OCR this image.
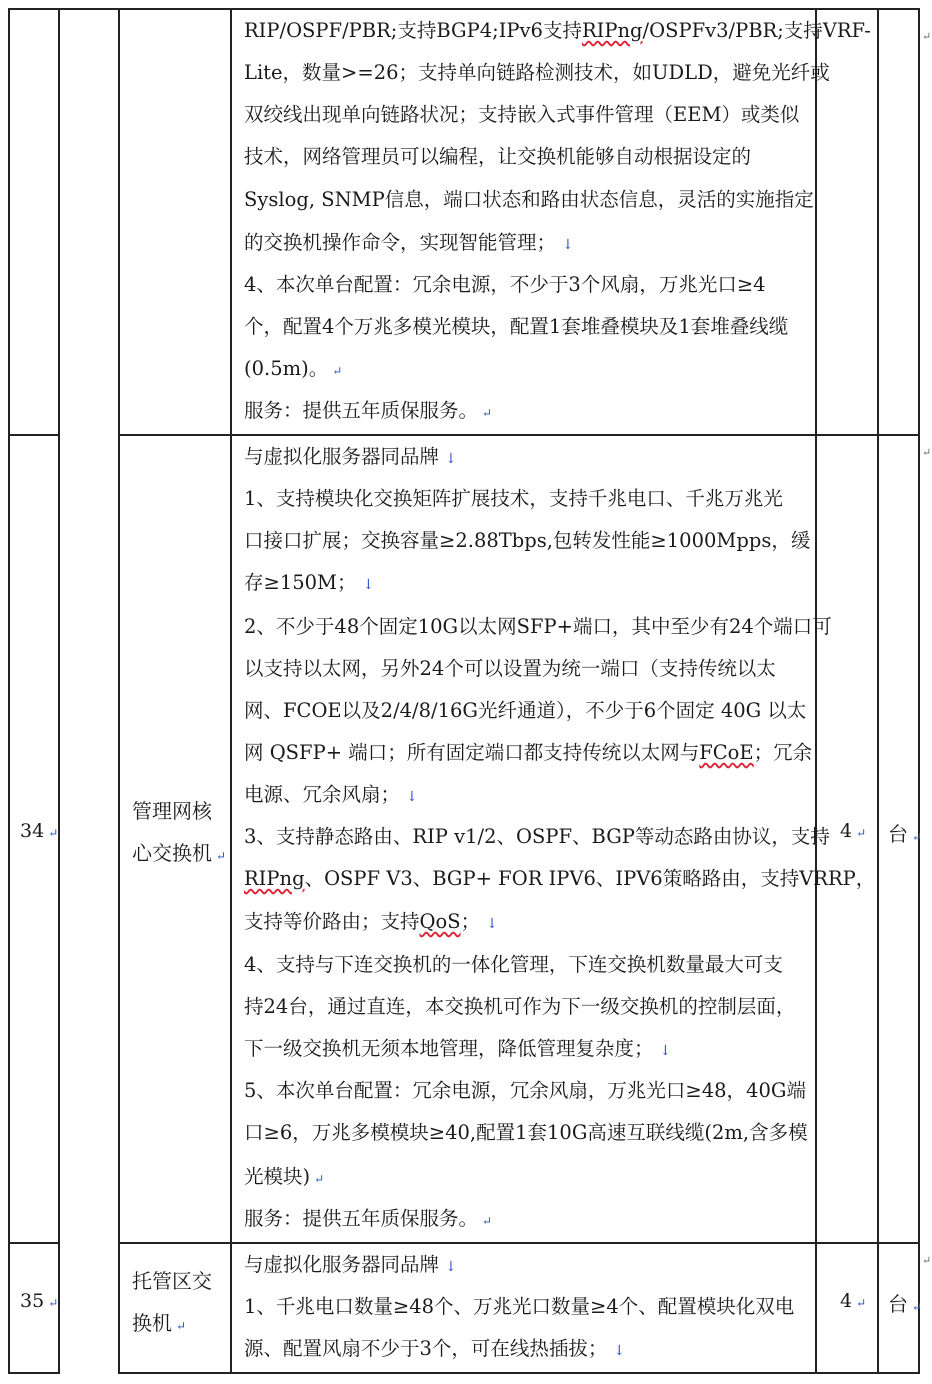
RIP/OSPF/PBR;支持BGP4;IPv6支持RIPng/OSPFv3/PBR;支持VRF-
Lite，数量>=26；支持单向链路检测技术，如UDLD，避免光纤或
双绞线出现单向链路状况；支持嵌入式事件管理（EEM）或类似
技术，网络管理员可以编程，让交换机能够自动根据设定的
Syslog, SNMP信息，端口状态和路由状态信息，灵活的实施指定
的交换机操作命令，实现智能管理； ↓
4、本次单台配置：冗余电源，不少于3个风扇，万兆光口≥4
个，配置4个万兆多模光模块，配置1套堆叠模块及1套堆叠线缆
(0.5m)。 ↵
服务：提供五年质保服务。 ↵
34 ↵
管理网核
心交换机 ↵
4 ↵ 台 ↵
与虚拟化服务器同品牌 ↓
1、支持模块化交换矩阵扩展技术，支持千兆电口、千兆万兆光
口接口扩展；交换容量≥2.88Tbps,包转发性能≥1000Mpps，缓
存≥150M； ↓
2、不少于48个固定10G以太网SFP+端口，其中至少有24个端口可
以支持以太网，另外24个可以设置为统一端口（支持传统以太
网、FCOE以及2/4/8/16G光纤通道），不少于6个固定 40G 以太
网 QSFP+ 端口；所有固定端口都支持传统以太网与FCoE；冗余
电源、冗余风扇； ↓
3、支持静态路由、RIP v1/2、OSPF、BGP等动态路由协议，支持
RIPng、OSPF V3、BGP+ FOR IPV6、IPV6策略路由，支持VRRP，
支持等价路由；支持QoS； ↓
4、支持与下连交换机的一体化管理，下连交换机数量最大可支
持24台，通过直连，本交换机可作为下一级交换机的控制层面，
下一级交换机无须本地管理，降低管理复杂度； ↓
5、本次单台配置：冗余电源，冗余风扇，万兆光口≥48，40G端
口≥6，万兆多模模块≥40,配置1套10G高速互联线缆(2m,含多模
光模块) ↵
服务：提供五年质保服务。 ↵
35 ↵
托管区交
换机 ↵
4 ↵ 台 ↵
与虚拟化服务器同品牌 ↓
1、千兆电口数量≥48个、万兆光口数量≥4个、配置模块化双电
源、配置风扇不少于3个，可在线热插拔； ↓
↵
↵
↵
